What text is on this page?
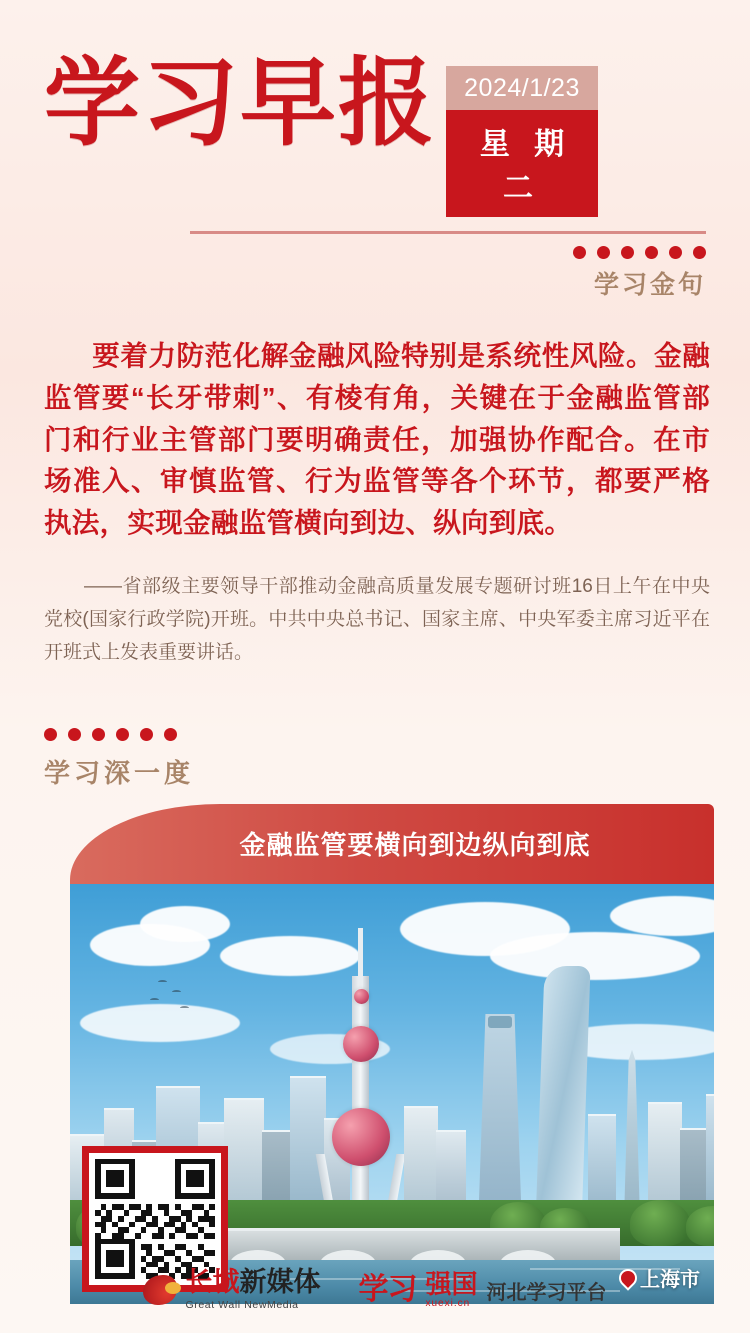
学习早报	2024/1/23
星 期 二
学习金句
要着力防范化解金融风险特别是系统性风险。金融监管要“长牙带刺”、有棱有角，关键在于金融监管部门和行业主管部门要明确责任，加强协作配合。在市场准入、审慎监管、行为监管等各个环节，都要严格执法，实现金融监管横向到边、纵向到底。
——省部级主要领导干部推动金融高质量发展专题研讨班16日上午在中央党校(国家行政学院)开班。中共中央总书记、国家主席、中央军委主席习近平在开班式上发表重要讲话。
学习深一度
金融监管要横向到边纵向到底
上海市
长城新媒体
Great Wall NewMedia	学习 强国
xuexi.cn 河北学习平台
